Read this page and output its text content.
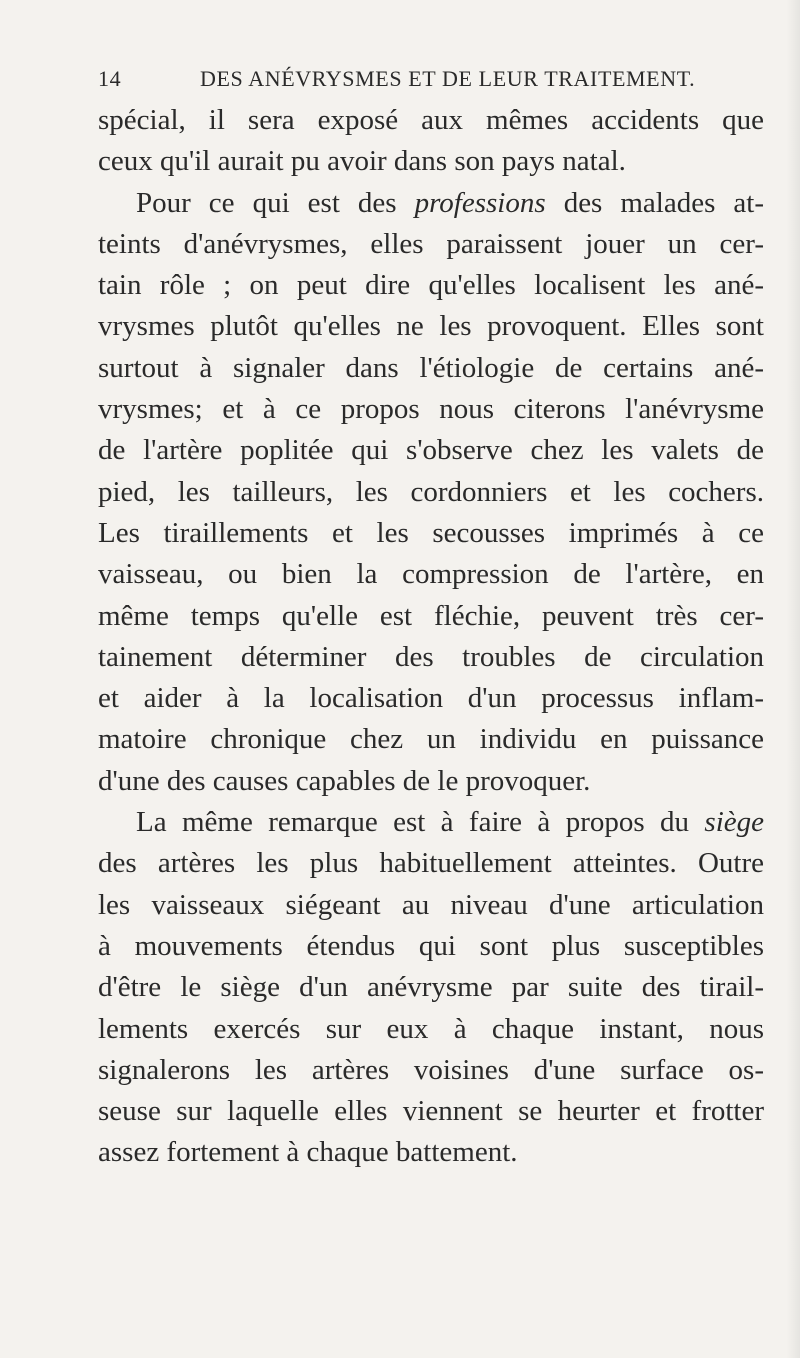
14	DES ANÉVRYSMES ET DE LEUR TRAITEMENT.
spécial, il sera exposé aux mêmes accidents que
ceux qu'il aurait pu avoir dans son pays natal.
Pour ce qui est des professions des malades at-
teints d'anévrysmes, elles paraissent jouer un cer-
tain rôle ; on peut dire qu'elles localisent les ané-
vrysmes plutôt qu'elles ne les provoquent. Elles sont
surtout à signaler dans l'étiologie de certains ané-
vrysmes; et à ce propos nous citerons l'anévrysme
de l'artère poplitée qui s'observe chez les valets de
pied, les tailleurs, les cordonniers et les cochers.
Les tiraillements et les secousses imprimés à ce
vaisseau, ou bien la compression de l'artère, en
même temps qu'elle est fléchie, peuvent très cer-
tainement déterminer des troubles de circulation
et aider à la localisation d'un processus inflam-
matoire chronique chez un individu en puissance
d'une des causes capables de le provoquer.
La même remarque est à faire à propos du siège
des artères les plus habituellement atteintes. Outre
les vaisseaux siégeant au niveau d'une articulation
à mouvements étendus qui sont plus susceptibles
d'être le siège d'un anévrysme par suite des tirail-
lements exercés sur eux à chaque instant, nous
signalerons les artères voisines d'une surface os-
seuse sur laquelle elles viennent se heurter et frotter
assez fortement à chaque battement.
